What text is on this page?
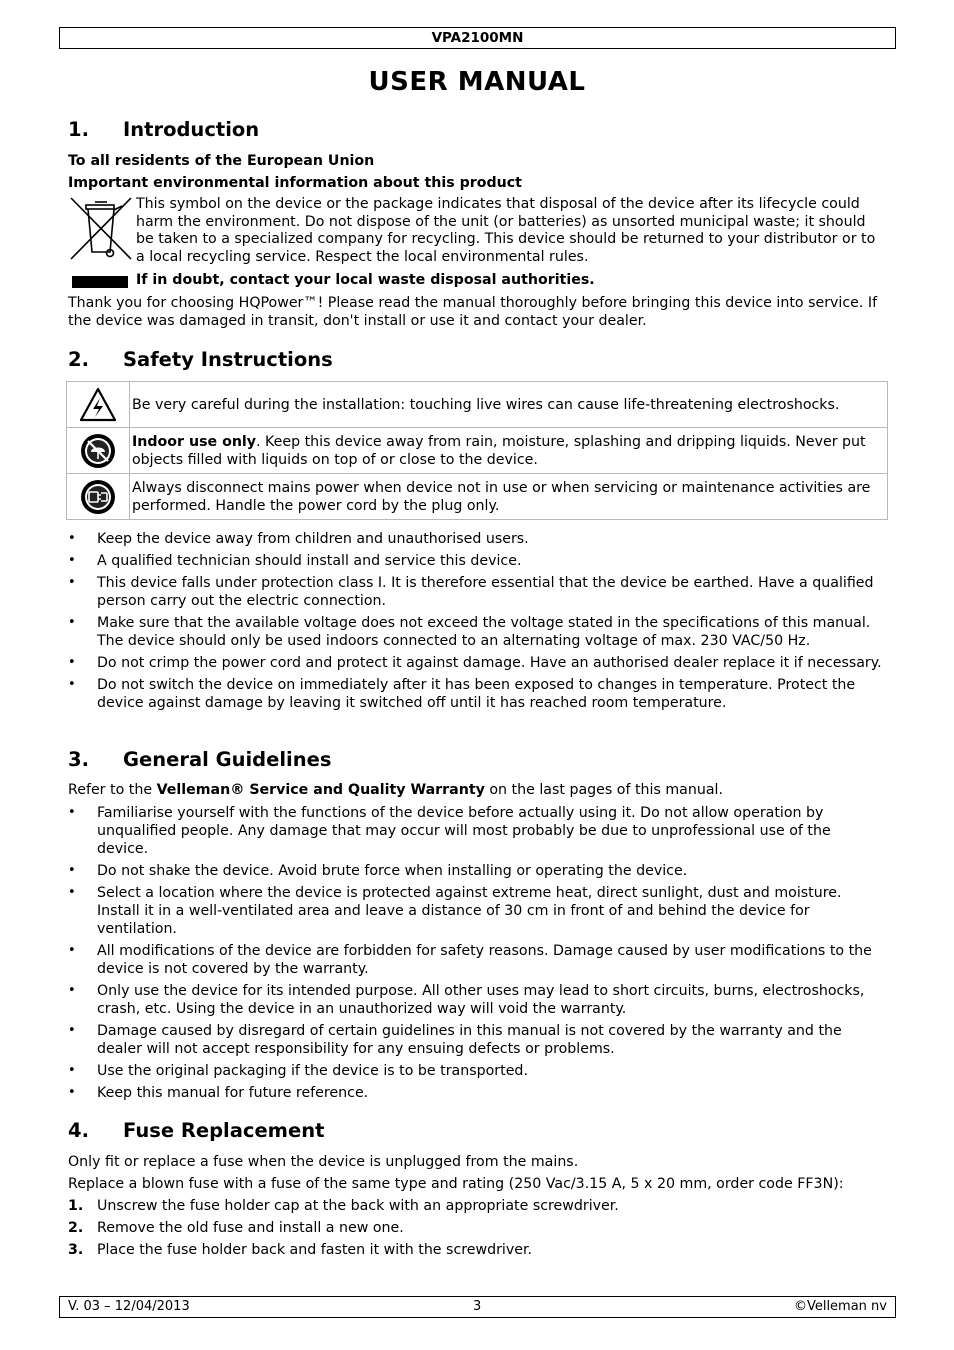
VPA2100MN
USER MANUAL
1. Introduction

To all residents of the European Union

Important environmental information about this product

This symbol on the device or the package indicates that disposal of the device after its lifecycle could harm the environment. Do not dispose of the unit (or batteries) as unsorted municipal waste; it should be taken to a specialized company for recycling. This device should be returned to your distributor or to a local recycling service. Respect the local environmental rules.

If in doubt, contact your local waste disposal authorities.

Thank you for choosing HQPower™! Please read the manual thoroughly before bringing this device into service. If the device was damaged in transit, don't install or use it and contact your dealer.

2. Safety Instructions
	Be very careful during the installation: touching live wires can cause life-threatening electroshocks.

	Indoor use only. Keep this device away from rain, moisture, splashing and dripping liquids. Never put objects filled with liquids on top of or close to the device.

	Always disconnect mains power when device not in use or when servicing or maintenance activities are performed. Handle the power cord by the plug only.
• Keep the device away from children and unauthorised users.
• A qualified technician should install and service this device.
• This device falls under protection class I. It is therefore essential that the device be earthed. Have a qualified person carry out the electric connection.
• Make sure that the available voltage does not exceed the voltage stated in the specifications of this manual. The device should only be used indoors connected to an alternating voltage of max. 230 VAC/50 Hz.
• Do not crimp the power cord and protect it against damage. Have an authorised dealer replace it if necessary.
• Do not switch the device on immediately after it has been exposed to changes in temperature. Protect the device against damage by leaving it switched off until it has reached room temperature.
3. General Guidelines

Refer to the Velleman® Service and Quality Warranty on the last pages of this manual.

• Familiarise yourself with the functions of the device before actually using it. Do not allow operation by unqualified people. Any damage that may occur will most probably be due to unprofessional use of the device.
• Do not shake the device. Avoid brute force when installing or operating the device.
• Select a location where the device is protected against extreme heat, direct sunlight, dust and moisture. Install it in a well-ventilated area and leave a distance of 30 cm in front of and behind the device for ventilation.
• All modifications of the device are forbidden for safety reasons. Damage caused by user modifications to the device is not covered by the warranty.
• Only use the device for its intended purpose. All other uses may lead to short circuits, burns, electroshocks, crash, etc. Using the device in an unauthorized way will void the warranty.
• Damage caused by disregard of certain guidelines in this manual is not covered by the warranty and the dealer will not accept responsibility for any ensuing defects or problems.
• Use the original packaging if the device is to be transported.
• Keep this manual for future reference.
4. Fuse Replacement

Only fit or replace a fuse when the device is unplugged from the mains.

Replace a blown fuse with a fuse of the same type and rating (250 Vac/3.15 A, 5 x 20 mm, order code FF3N):

1. Unscrew the fuse holder cap at the back with an appropriate screwdriver.
2. Remove the old fuse and install a new one.
3. Place the fuse holder back and fasten it with the screwdriver.
V. 03 – 12/04/2013	3	©Velleman nv
